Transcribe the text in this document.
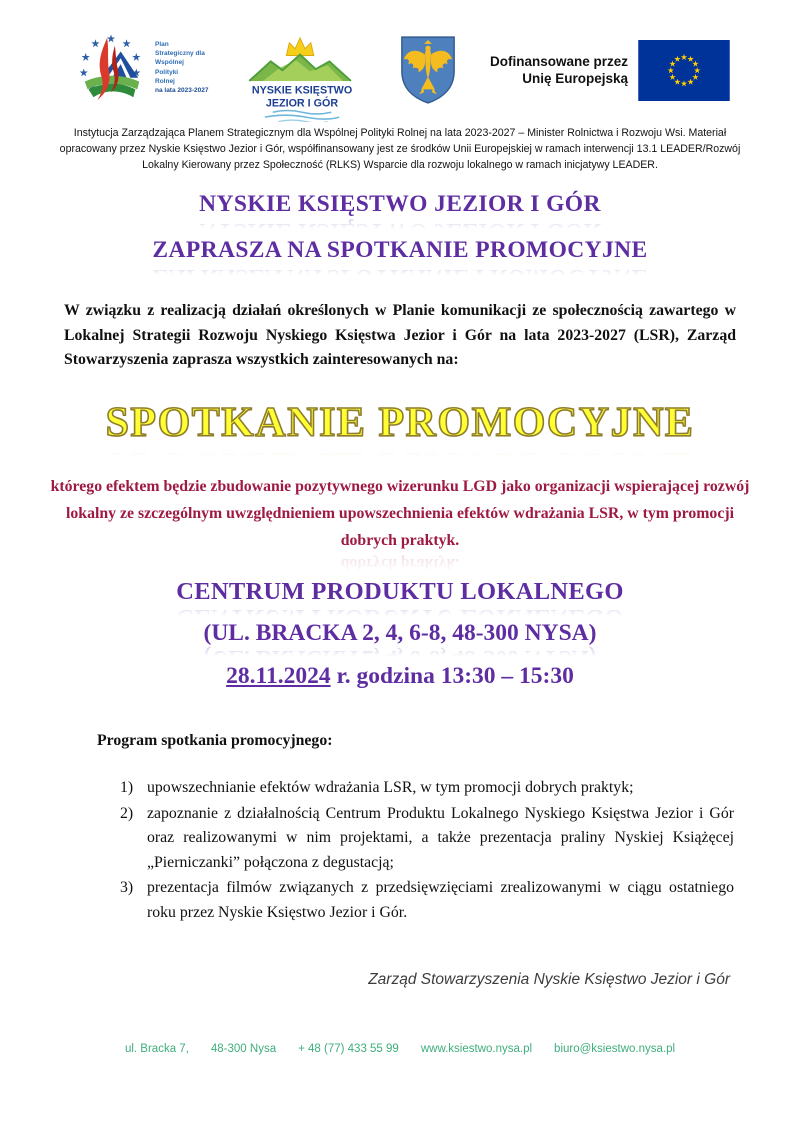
Plan
Strategiczny dla
Wspólnej
Polityki
Rolnej
na lata 2023-2027	NYSKIE KSIĘSTWO
JEZIOR I GÓR
Dofinansowane przez
Unię Europejską
Instytucja Zarządzająca Planem Strategicznym dla Wspólnej Polityki Rolnej na lata 2023-2027 – Minister Rolnictwa i Rozwoju Wsi. Materiał opracowany przez Nyskie Księstwo Jezior i Gór, współfinansowany jest ze środków Unii Europejskiej w ramach interwencji 13.1 LEADER/Rozwój Lokalny Kierowany przez Społeczność (RLKS) Wsparcie dla rozwoju lokalnego w ramach inicjatywy LEADER.
NYSKIE KSIĘSTWO JEZIOR I GÓR
ZAPRASZA NA SPOTKANIE PROMOCYJNE
W związku z realizacją działań określonych w Planie komunikacji ze społecznością zawartego w Lokalnej Strategii Rozwoju Nyskiego Księstwa Jezior i Gór na lata 2023-2027 (LSR), Zarząd Stowarzyszenia zaprasza wszystkich zainteresowanych na:
SPOTKANIE PROMOCYJNE
którego efektem będzie zbudowanie pozytywnego wizerunku LGD jako organizacji wspierającej rozwój lokalny ze szczególnym uwzględnieniem upowszechnienia efektów wdrażania LSR, w tym promocji dobrych praktyk.
CENTRUM PRODUKTU LOKALNEGO
(UL. BRACKA 2, 4, 6-8, 48-300 NYSA)
28.11.2024 r. godzina 13:30 – 15:30
Program spotkania promocyjnego:
upowszechnianie efektów wdrażania LSR, w tym promocji dobrych praktyk;
zapoznanie z działalnością Centrum Produktu Lokalnego Nyskiego Księstwa Jezior i Gór oraz realizowanymi w nim projektami, a także prezentacja praliny Nyskiej Książęcej „Pierniczanki” połączona z degustacją;
prezentacja filmów związanych z przedsięwzięciami zrealizowanymi w ciągu ostatniego roku przez Nyskie Księstwo Jezior i Gór.
Zarząd Stowarzyszenia Nyskie Księstwo Jezior i Gór
ul. Bracka 7, 48-300 Nysa + 48 (77) 433 55 99 www.ksiestwo.nysa.pl biuro@ksiestwo.nysa.pl
